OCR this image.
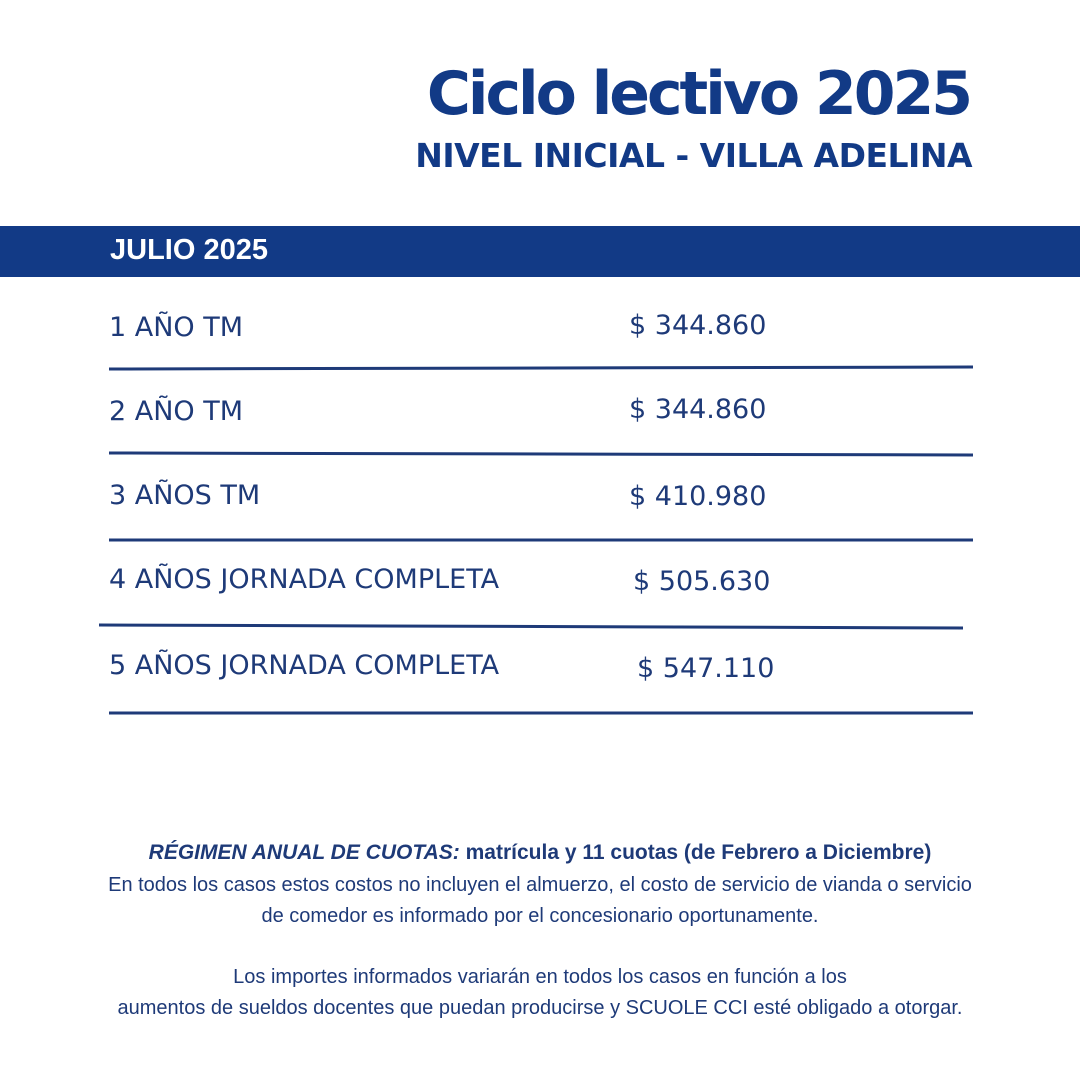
Ciclo lectivo 2025
NIVEL INICIAL - VILLA ADELINA
JULIO 2025
1 AÑO TM	$ 344.860
2 AÑO TM	$ 344.860
3 AÑOS TM	$ 410.980
4 AÑOS JORNADA COMPLETA	$ 505.630
5 AÑOS JORNADA COMPLETA	$ 547.110
RÉGIMEN ANUAL DE CUOTAS: matrícula y 11 cuotas (de Febrero a Diciembre)
En todos los casos estos costos no incluyen el almuerzo, el costo de servicio de vianda o servicio
de comedor es informado por el concesionario oportunamente.
Los importes informados variarán en todos los casos en función a los
aumentos de sueldos docentes que puedan producirse y SCUOLE CCI esté obligado a otorgar.
